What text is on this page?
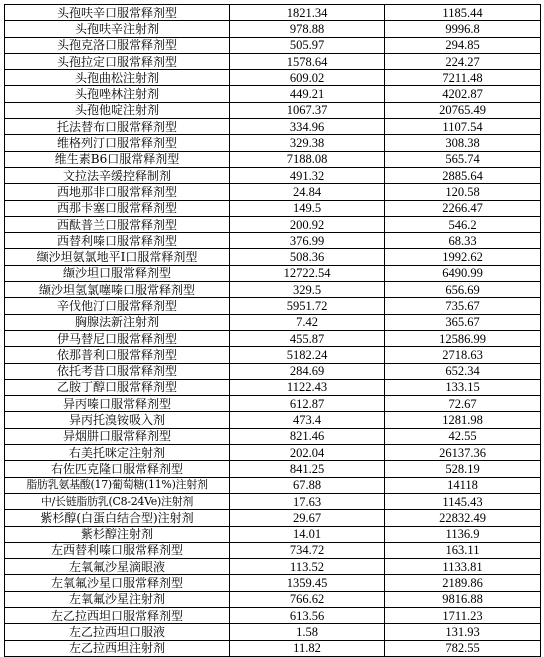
头孢呋辛口服常释剂型	1821.34	1185.44
头孢呋辛注射剂	978.88	9996.8
头孢克洛口服常释剂型	505.97	294.85
头孢拉定口服常释剂型	1578.64	224.27
头孢曲松注射剂	609.02	7211.48
头孢唑林注射剂	449.21	4202.87
头孢他啶注射剂	1067.37	20765.49
托法替布口服常释剂型	334.96	1107.54
维格列汀口服常释剂型	329.38	308.38
维生素B6口服常释剂型	7188.08	565.74
文拉法辛缓控释制剂	491.32	2885.64
西地那非口服常释剂型	24.84	120.58
西那卡塞口服常释剂型	149.5	2266.47
西酞普兰口服常释剂型	200.92	546.2
西替利嗪口服常释剂型	376.99	68.33
缬沙坦氨氯地平Ⅰ口服常释剂型	508.36	1992.62
缬沙坦口服常释剂型	12722.54	6490.99
缬沙坦氢氯噻嗪口服常释剂型	329.5	656.69
辛伐他汀口服常释剂型	5951.72	735.67
胸腺法新注射剂	7.42	365.67
伊马替尼口服常释剂型	455.87	12586.99
依那普利口服常释剂型	5182.24	2718.63
依托考昔口服常释剂型	284.69	652.34
乙胺丁醇口服常释剂型	1122.43	133.15
异丙嗪口服常释剂型	612.87	72.67
异丙托溴铵吸入剂	473.4	1281.98
异烟肼口服常释剂型	821.46	42.55
右美托咪定注射剂	202.04	26137.36
右佐匹克隆口服常释剂型	841.25	528.19
脂肪乳氨基酸(17)葡萄糖(11%)注射剂	67.88	14118
中/长链脂肪乳(C8-24Ve)注射剂	17.63	1145.43
紫杉醇(白蛋白结合型)注射剂	29.67	22832.49
紫杉醇注射剂	14.01	1136.9
左西替利嗪口服常释剂型	734.72	163.11
左氧氟沙星滴眼液	113.52	1133.81
左氧氟沙星口服常释剂型	1359.45	2189.86
左氧氟沙星注射剂	766.62	9816.88
左乙拉西坦口服常释剂型	613.56	1711.23
左乙拉西坦口服液	1.58	131.93
左乙拉西坦注射剂	11.82	782.55
